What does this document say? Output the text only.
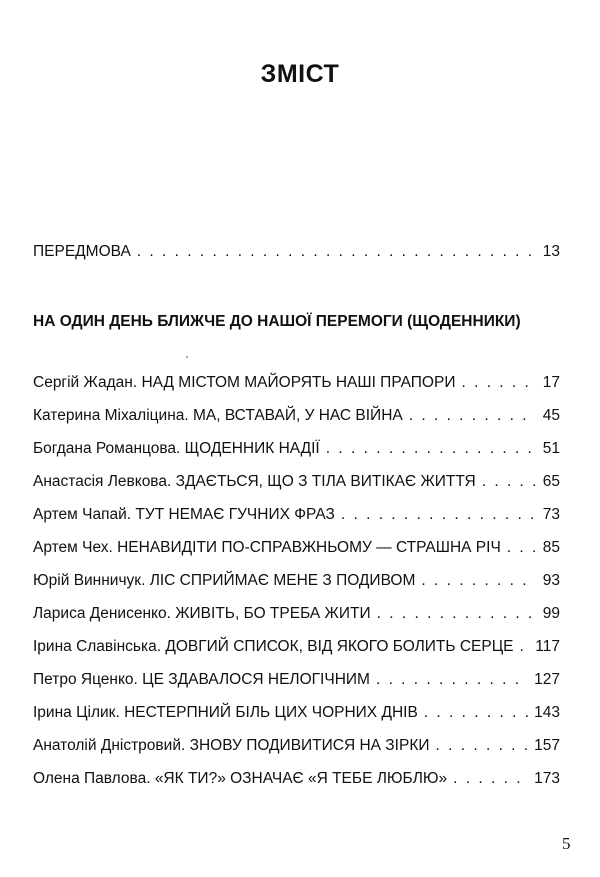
ЗМІСТ
ПЕРЕДМОВА . . .	13
НА ОДИН ДЕНЬ БЛИЖЧЕ ДО НАШОЇ ПЕРЕМОГИ (ЩОДЕННИКИ)
'
Сергій Жадан. НАД МІСТОМ МАЙОРЯТЬ НАШІ ПРАПОРИ . . .	17
Катерина Міхаліцина. МА, ВСТАВАЙ, У НАС ВІЙНА . . .	45
Богдана Романцова. ЩОДЕННИК НАДІЇ . . .	51
Анастасія Левкова. ЗДАЄТЬСЯ, ЩО З ТІЛА ВИТІКАЄ ЖИТТЯ . . .	65
Артем Чапай. ТУТ НЕМАЄ ГУЧНИХ ФРАЗ . . .	73
Артем Чех. НЕНАВИДІТИ ПО-СПРАВЖНЬОМУ — СТРАШНА РІЧ . . .	85
Юрій Винничук. ЛІС СПРИЙМАЄ МЕНЕ З ПОДИВОМ . . .	93
Лариса Денисенко. ЖИВІТЬ, БО ТРЕБА ЖИТИ . . .	99
Ірина Славінська. ДОВГИЙ СПИСОК, ВІД ЯКОГО БОЛИТЬ СЕРЦЕ . . . 117
Петро Яценко. ЦЕ ЗДАВАЛОСЯ НЕЛОГІЧНИМ . . .	127
Ірина Цілик. НЕСТЕРПНИЙ БІЛЬ ЦИХ ЧОРНИХ ДНІВ . . .	143
Анатолій Дністровий. ЗНОВУ ПОДИВИТИСЯ НА ЗІРКИ . . .	157
Олена Павлова. «ЯК ТИ?» ОЗНАЧАЄ «Я ТЕБЕ ЛЮБЛЮ» . . .	173
5
